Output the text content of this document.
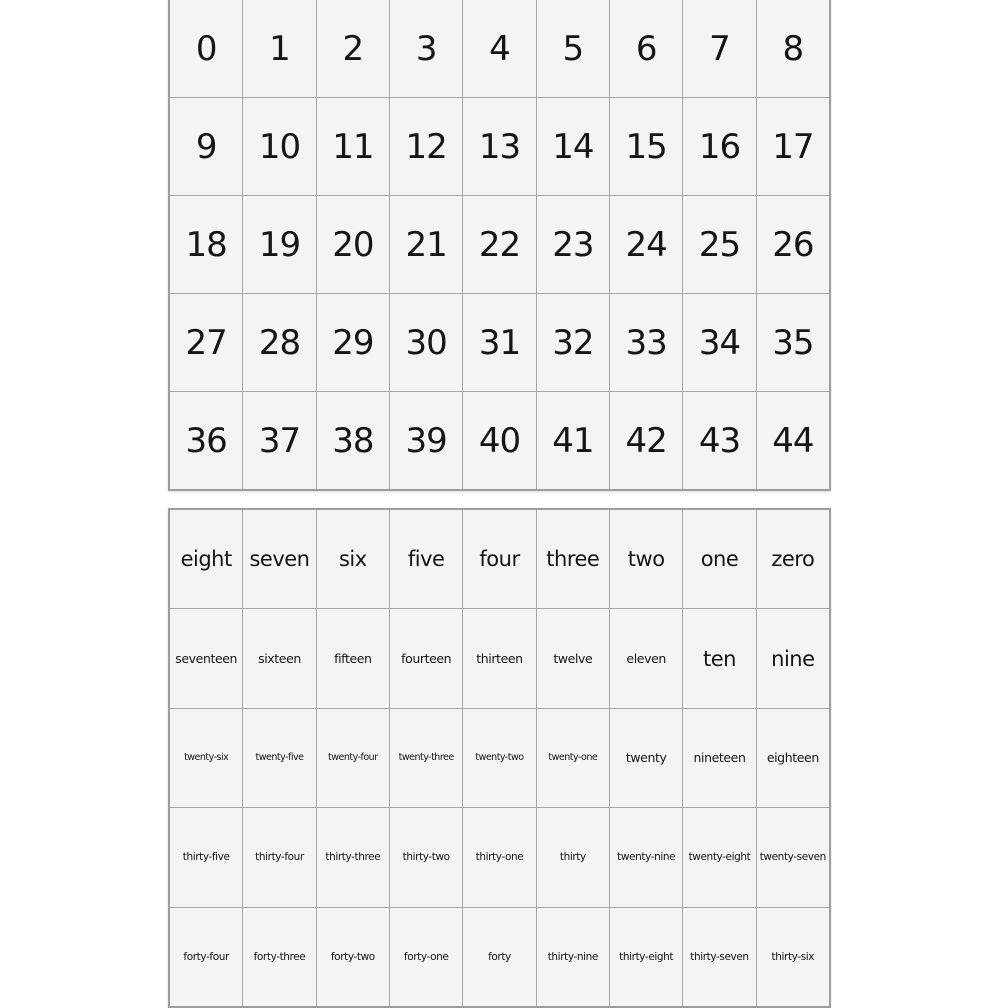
0 1 2 3 4 5 6 7 8
9 10 11 12 13 14 15 16 17
18 19 20 21 22 23 24 25 26
27 28 29 30 31 32 33 34 35
36 37 38 39 40 41 42 43 44
eight seven six five four three two one zero
seventeen sixteen	fifteen fourteen thirteen twelve	eleven ten nine
twenty-six	twenty-five	twenty-four twenty-three twenty-two	twenty-one twenty nineteen eighteen
thirty-five thirty-four thirty-three thirty-two thirty-one	thirty	twenty-nine twenty-eight twenty-seven
forty-four forty-three forty-two	forty-one	forty	thirty-nine thirty-eight thirty-seven thirty-six
